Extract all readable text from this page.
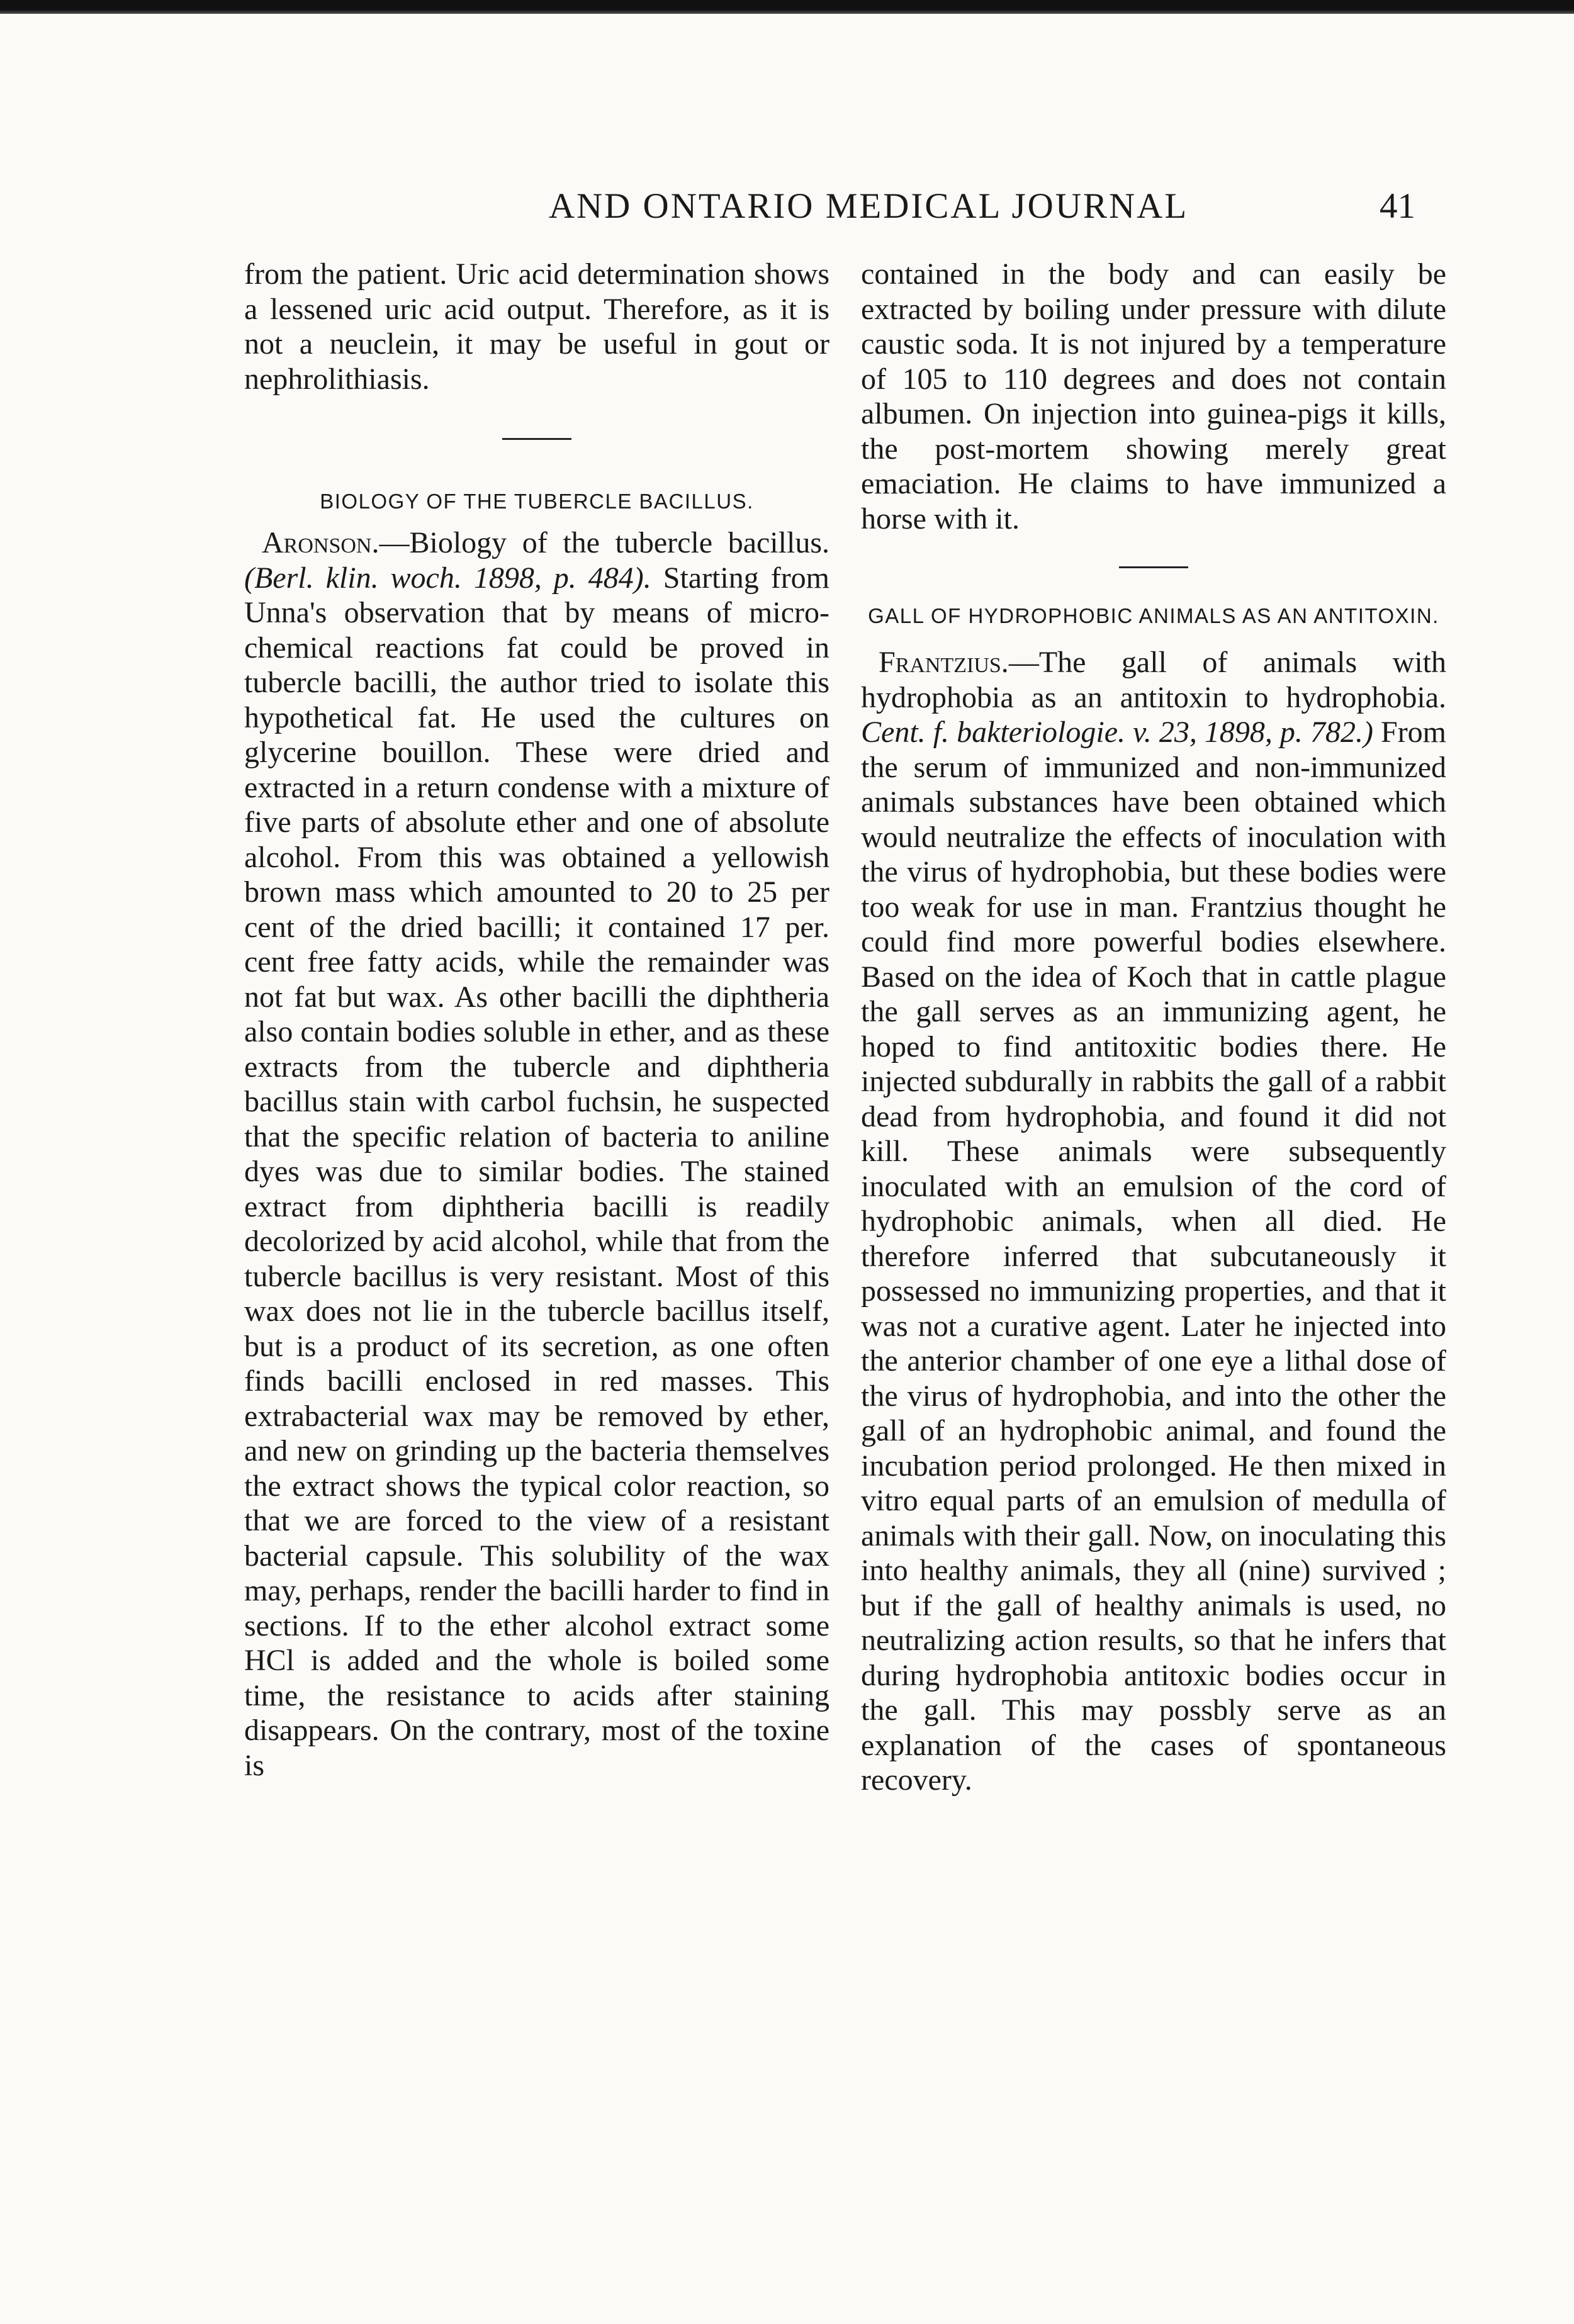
AND ONTARIO MEDICAL JOURNAL	41

from the patient. Uric acid determination shows a lessened uric acid output. Therefore, as it is not a neuclein, it may be useful in gout or nephrolithiasis.

BIOLOGY OF THE TUBERCLE BACILLUS.

Aronson.—Biology of the tubercle bacillus. (Berl. klin. woch. 1898, p. 484). Starting from Unna's observation that by means of micro-chemical reactions fat could be proved in tubercle bacilli, the author tried to isolate this hypothetical fat. He used the cultures on glycerine bouillon. These were dried and extracted in a return condense with a mixture of five parts of absolute ether and one of absolute alcohol. From this was obtained a yellowish brown mass which amounted to 20 to 25 per cent of the dried bacilli; it contained 17 per. cent free fatty acids, while the remainder was not fat but wax. As other bacilli the diphtheria also contain bodies soluble in ether, and as these extracts from the tubercle and diphtheria bacillus stain with carbol fuchsin, he suspected that the specific relation of bacteria to aniline dyes was due to similar bodies. The stained extract from diphtheria bacilli is readily decolorized by acid alcohol, while that from the tubercle bacillus is very resistant. Most of this wax does not lie in the tubercle bacillus itself, but is a product of its secretion, as one often finds bacilli enclosed in red masses. This extrabacterial wax may be removed by ether, and new on grinding up the bacteria themselves the extract shows the typical color reaction, so that we are forced to the view of a resistant bacterial capsule. This solubility of the wax may, perhaps, render the bacilli harder to find in sections. If to the ether alcohol extract some HCl is added and the whole is boiled some time, the resistance to acids after staining disappears. On the contrary, most of the toxine is

contained in the body and can easily be extracted by boiling under pressure with dilute caustic soda. It is not injured by a temperature of 105 to 110 degrees and does not contain albumen. On injection into guinea-pigs it kills, the post-mortem showing merely great emaciation. He claims to have immunized a horse with it.

GALL OF HYDROPHOBIC ANIMALS AS AN ANTITOXIN.

Frantzius.—The gall of animals with hydrophobia as an antitoxin to hydrophobia. Cent. f. bakteriologie. v. 23, 1898, p. 782.) From the serum of immunized and non-immunized animals substances have been obtained which would neutralize the effects of inoculation with the virus of hydrophobia, but these bodies were too weak for use in man. Frantzius thought he could find more powerful bodies elsewhere. Based on the idea of Koch that in cattle plague the gall serves as an immunizing agent, he hoped to find antitoxitic bodies there. He injected subdurally in rabbits the gall of a rabbit dead from hydrophobia, and found it did not kill. These animals were subsequently inoculated with an emulsion of the cord of hydrophobic animals, when all died. He therefore inferred that subcutaneously it possessed no immunizing properties, and that it was not a curative agent. Later he injected into the anterior chamber of one eye a lithal dose of the virus of hydrophobia, and into the other the gall of an hydrophobic animal, and found the incubation period prolonged. He then mixed in vitro equal parts of an emulsion of medulla of animals with their gall. Now, on inoculating this into healthy animals, they all (nine) survived ; but if the gall of healthy animals is used, no neutralizing action results, so that he infers that during hydrophobia antitoxic bodies occur in the gall. This may possbly serve as an explanation of the cases of spontaneous recovery.
